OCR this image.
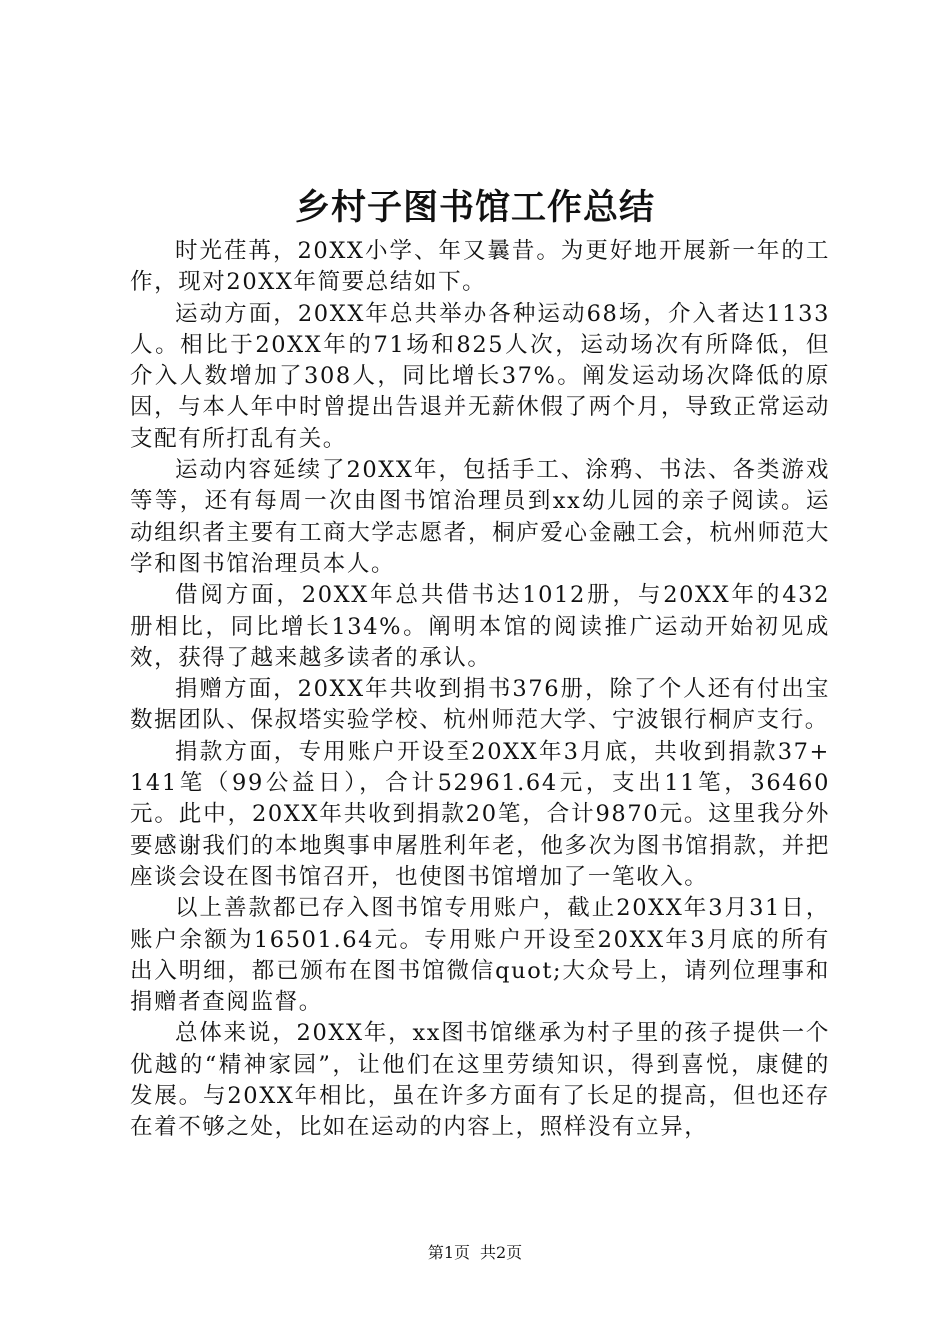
乡村子图书馆工作总结

时光荏苒，20XX小学、年又曩昔。为更好地开展新一年的工作，现对20XX年简要总结如下。

运动方面，20XX年总共举办各种运动68场，介入者达1133人。相比于20XX年的71场和825人次，运动场次有所降低，但介入人数增加了308人，同比增长37%。阐发运动场次降低的原因，与本人年中时曾提出告退并无薪休假了两个月，导致正常运动支配有所打乱有关。

运动内容延续了20XX年，包括手工、涂鸦、书法、各类游戏等等，还有每周一次由图书馆治理员到xx幼儿园的亲子阅读。运动组织者主要有工商大学志愿者，桐庐爱心金融工会，杭州师范大学和图书馆治理员本人。

借阅方面，20XX年总共借书达1012册，与20XX年的432册相比，同比增长134%。阐明本馆的阅读推广运动开始初见成效，获得了越来越多读者的承认。

捐赠方面，20XX年共收到捐书376册，除了个人还有付出宝数据团队、保叔塔实验学校、杭州师范大学、宁波银行桐庐支行。

捐款方面，专用账户开设至20XX年3月底，共收到捐款37+141笔（99公益日），合计52961.64元，支出11笔，36460元。此中，20XX年共收到捐款20笔，合计9870元。这里我分外要感谢我们的本地舆事申屠胜利年老，他多次为图书馆捐款，并把座谈会设在图书馆召开，也使图书馆增加了一笔收入。

以上善款都已存入图书馆专用账户，截止20XX年3月31日，账户余额为16501.64元。专用账户开设至20XX年3月底的所有出入明细，都已颁布在图书馆微信quot;大众号上，请列位理事和捐赠者查阅监督。

总体来说，20XX年，xx图书馆继承为村子里的孩子提供一个优越的“精神家园”，让他们在这里劳绩知识，得到喜悦，康健的发展。与20XX年相比，虽在许多方面有了长足的提高，但也还存在着不够之处，比如在运动的内容上，照样没有立异，

第1页 共2页
